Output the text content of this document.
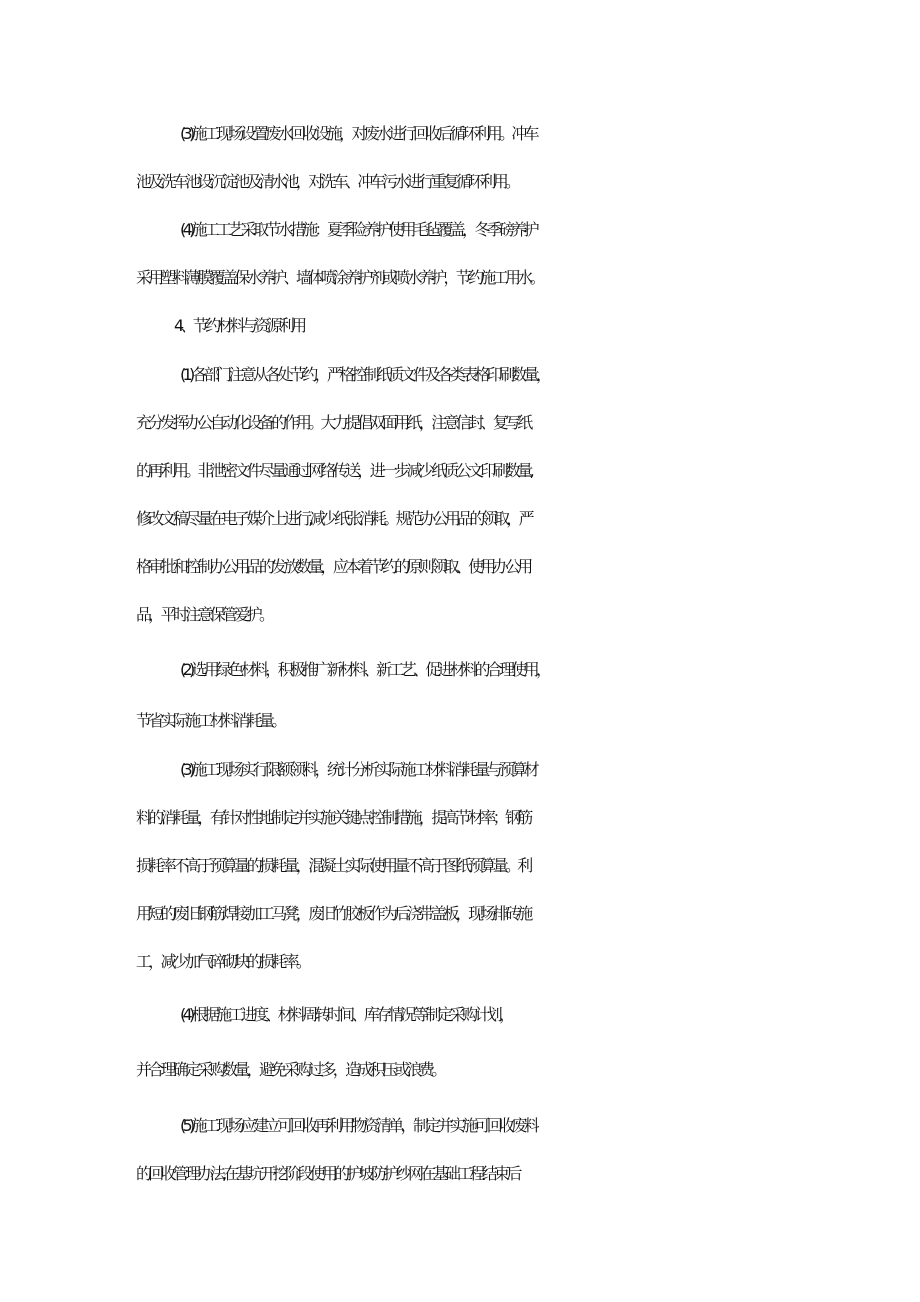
(3)施工现场设置废水回收设施，对废水进行回收后循环利用。冲车
池及洗车池设沉淀池及清水池，对洗车、冲车污水进行重复循环利用。
(4)施工工艺采取节水措施：夏季险养护使用毛毡覆盖，冬季磅养护
采用塑料薄膜覆盖保水养护、墙体喷涂养护剂或喷水养护，节约施工用水。
4、节约材料与资源利用
(1)各部门注意从各处节约，严格控制纸质文件及各类表格印刷数量，
充分发挥办公自动化设备的作用。大力提倡双面用纸，注意信封、复写纸
的再利用。非泄密文件尽量通过网络传送，进一步减少纸质公文印刷数量,
修改文稿尽量在电子媒介上进行,减少纸张消耗。规范办公用品的领取，严
格审批和控制办公用品的发放数量，应本着节约的原则领取、使用办公用
品，平时注意保管爱护。
(2)选用绿色材料，积极推广新材料、新工艺、促进材料的合理使用，
节省实际施工材料消耗量。
(3)施工现场实行限额领料，统计分析实际施工材料消耗量与预算材
料的消耗量，有针对性地制定并实施关键点控制措施，提高节材率；钢筋
损耗率不高于预算量的损耗量，混凝土实际使用量不高于图纸预算量。利
用短的废旧钢筋焊接加工马凳，废旧竹胶板作为后浇带盖板，现场排砖施
工，减少加气碎砌块的损耗率。
(4)根据施工进度、材料周转时间、库存情况等制定采购计划，
并合理确定采购数量，避免采购过多，造成积压或浪费。
(5)施工现场应建立可回收再利用物资清单，制定并实施可回收废料
的回收管理办法,在基坑开挖阶段使用的护坡防护纱网在基础工程结束后
